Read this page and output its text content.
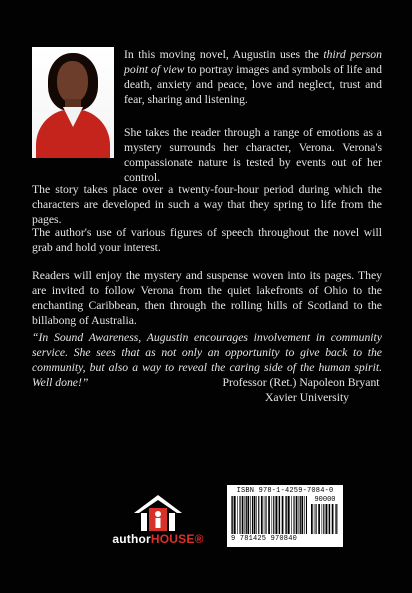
In this moving novel, Augustin uses the third person point of view to portray images and symbols of life and death, anxiety and peace, love and neglect, trust and fear, sharing and listening.

She takes the reader through a range of emotions as a mystery surrounds her character, Verona. Verona's compassionate nature is tested by events out of her control.

The story takes place over a twenty-four-hour period during which the characters are developed in such a way that they spring to life from the pages.

The author's use of various figures of speech throughout the novel will grab and hold your interest.

Readers will enjoy the mystery and suspense woven into its pages. They are invited to follow Verona from the quiet lakefronts of Ohio to the enchanting Caribbean, then through the rolling hills of Scotland to the billabong of Australia.

“In Sound Awareness, Augustin encourages involvement in community service. She sees that as not only an opportunity to give back to the community, but also a way to reveal the caring side of the human spirit. Well done!”	Professor (Ret.) Napoleon Bryant
Xavier University
authorHOUSE®
ISBN 978-1-4259-7084-0
90000
9 781425 970840
